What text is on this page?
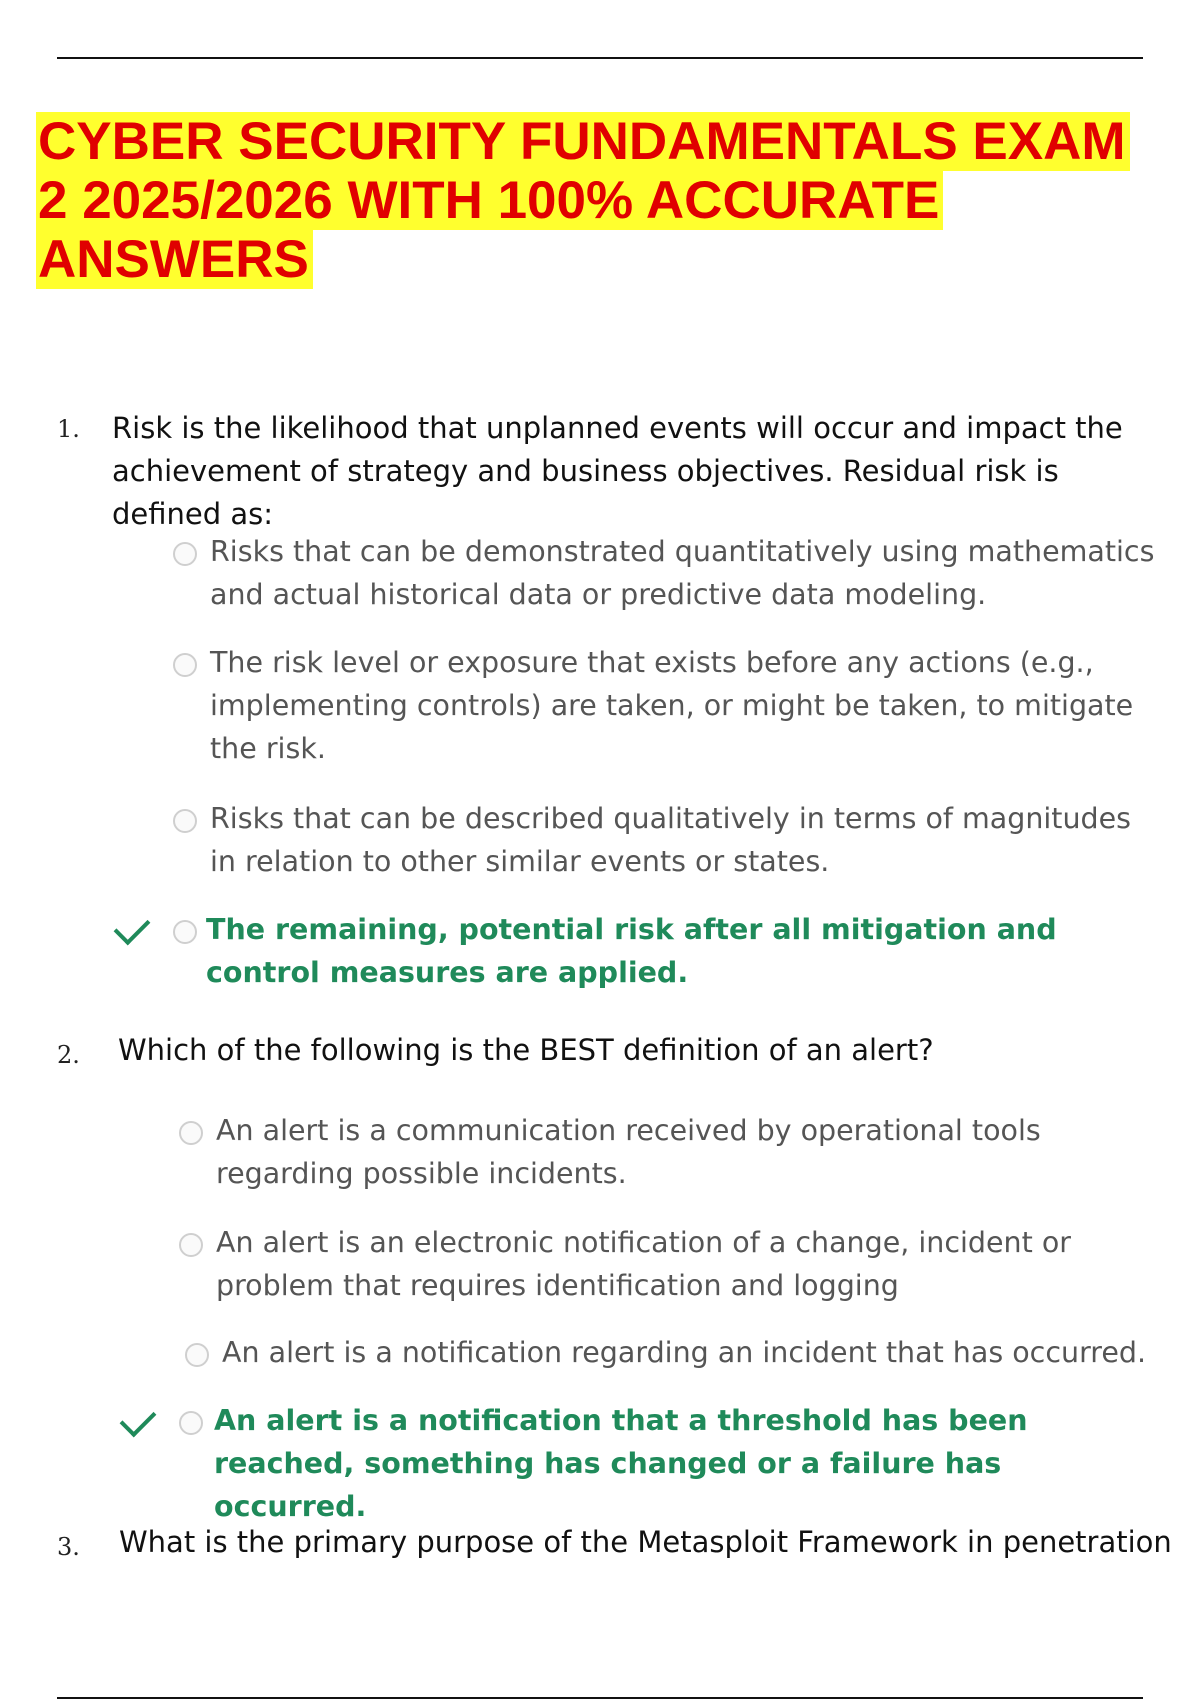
CYBER SECURITY FUNDAMENTALS EXAM
2 2025/2026 WITH 100% ACCURATE
ANSWERS
1. Risk is the likelihood that unplanned events will occur and impact the achievement of strategy and business objectives. Residual risk is defined as:
Risks that can be demonstrated quantitatively using mathematics and actual historical data or predictive data modeling.
The risk level or exposure that exists before any actions (e.g., implementing controls) are taken, or might be taken, to mitigate the risk.
Risks that can be described qualitatively in terms of magnitudes in relation to other similar events or states.
The remaining, potential risk after all mitigation and control measures are applied.
2. Which of the following is the BEST definition of an alert?
An alert is a communication received by operational tools regarding possible incidents.
An alert is an electronic notification of a change, incident or problem that requires identification and logging
An alert is a notification regarding an incident that has occurred.
An alert is a notification that a threshold has been reached, something has changed or a failure has occurred.
3. What is the primary purpose of the Metasploit Framework in penetration
